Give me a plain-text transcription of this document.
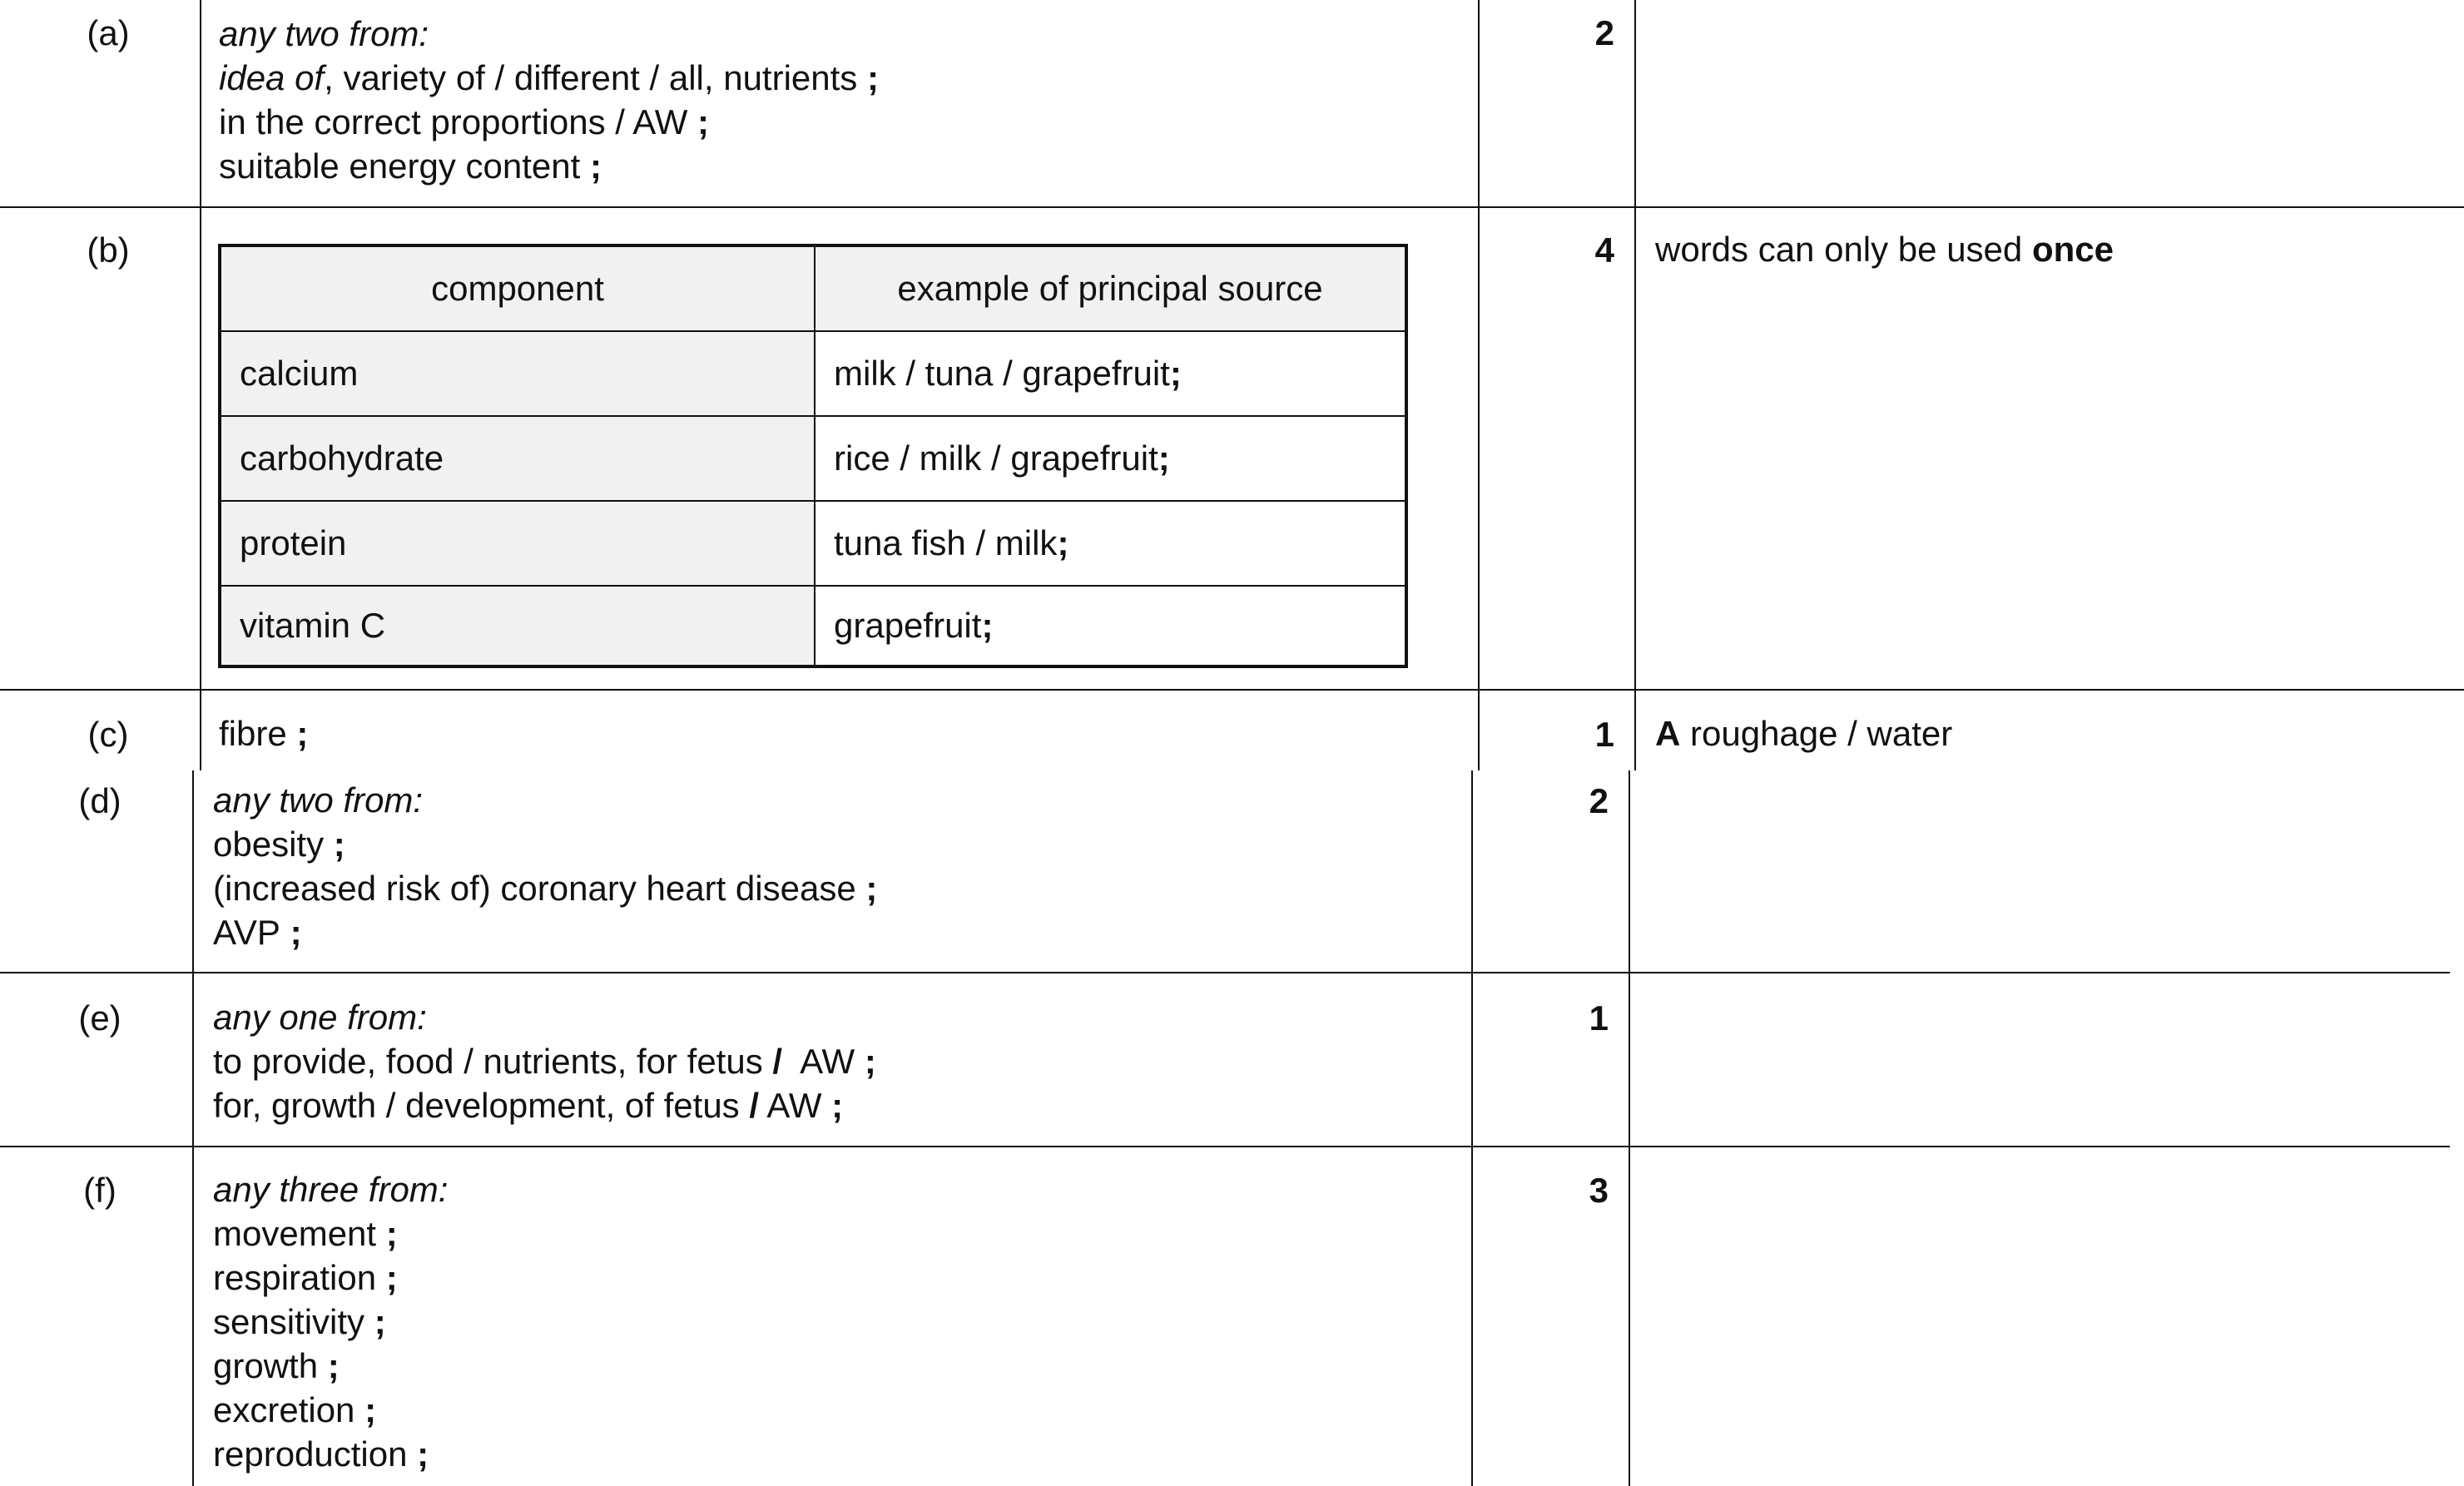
(a)	any two from:
idea of, variety of / different / all, nutrients ;
in the correct proportions / AW ;
suitable energy content ;
2
(b)
component	example of principal source
calcium	milk / tuna / grapefruit ;
carbohydrate	rice / milk / grapefruit ;
protein	tuna fish / milk ;
vitamin C	grapefruit ;
4 words can only be used once
(c)	fibre ;	1 A roughage / water
(d)	any two from:
obesity ;
(increased risk of) coronary heart disease ;
AVP ;
2
(e)	any one from:
to provide, food / nutrients, for fetus /  AW ;
for, growth / development, of fetus / AW ;
1
(f)	any three from:
movement ;
respiration ;
sensitivity ;
growth ;
excretion ;
reproduction ;
3
